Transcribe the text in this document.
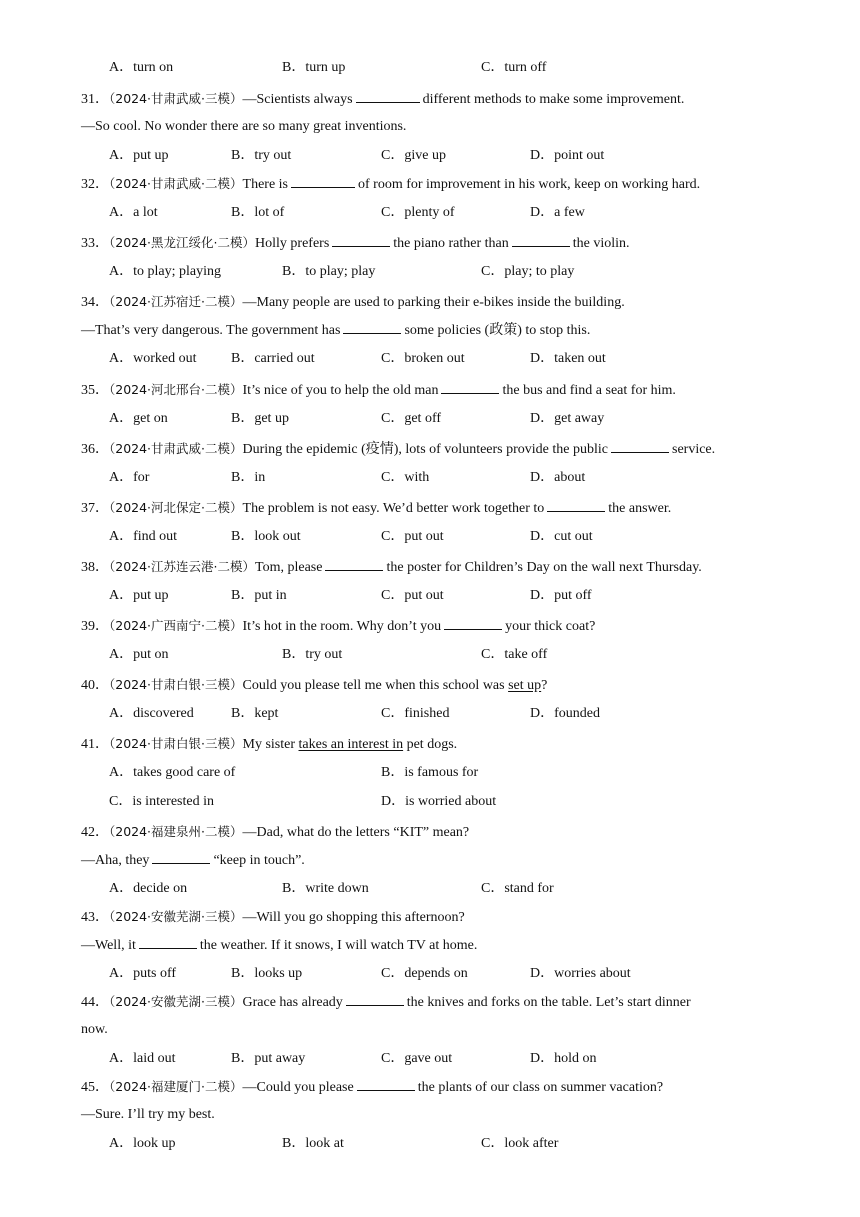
A．turn on	B．turn up	C．turn off
31．（2024·甘肃武威·三模）—Scientists always	different methods to make some improvement.
—So cool. No wonder there are so many great inventions.
A．put up	B．try out	C．give up	D．point out
32．（2024·甘肃武威·二模）There is	of room for improvement in his work, keep on working hard.
A．a lot	B．lot of	C．plenty of	D．a few
33．（2024·黑龙江绥化·二模）Holly prefers	the piano rather than	the violin.
A．to play; playing	B．to play; play	C．play; to play
34．（2024·江苏宿迁·二模）—Many people are used to parking their e-bikes inside the building.
—That’s very dangerous. The government has	some policies (政策) to stop this.
A．worked out B．carried out	C．broken out	D．taken out
35．（2024·河北邢台·二模）It’s nice of you to help the old man	the bus and find a seat for him.
A．get on	B．get up	C．get off	D．get away
36．（2024·甘肃武威·二模）During the epidemic (疫情), lots of volunteers provide the public	service.
A．for	B．in	C．with	D．about
37．（2024·河北保定·二模）The problem is not easy. We’d better work together to	the answer.
A．find out	B．look out	C．put out	D．cut out
38．（2024·江苏连云港·二模）Tom, please	the poster for Children’s Day on the wall next Thursday.
A．put up	B．put in	C．put out	D．put off
39．（2024·广西南宁·二模）It’s hot in the room. Why don’t you	your thick coat?
A．put on	B．try out	C．take off
40．（2024·甘肃白银·三模）Could you please tell me when this school was set up?
A．discovered	B．kept	C．finished	D．founded
41．（2024·甘肃白银·三模）My sister takes an interest in pet dogs.
A．takes good care of	B．is famous for
C．is interested in	D．is worried about
42．（2024·福建泉州·二模）—Dad, what do the letters “KIT” mean?
—Aha, they	“keep in touch”.
A．decide on	B．write down	C．stand for
43．（2024·安徽芜湖·三模）—Will you go shopping this afternoon?
—Well, it	the weather. If it snows, I will watch TV at home.
A．puts off	B．looks up	C．depends on	D．worries about
44．（2024·安徽芜湖·三模）Grace has already	the knives and forks on the table. Let’s start dinner
now.
A．laid out	B．put away	C．gave out	D．hold on
45．（2024·福建厦门·二模）—Could you please	the plants of our class on summer vacation?
—Sure. I’ll try my best.
A．look up	B．look at	C．look after
